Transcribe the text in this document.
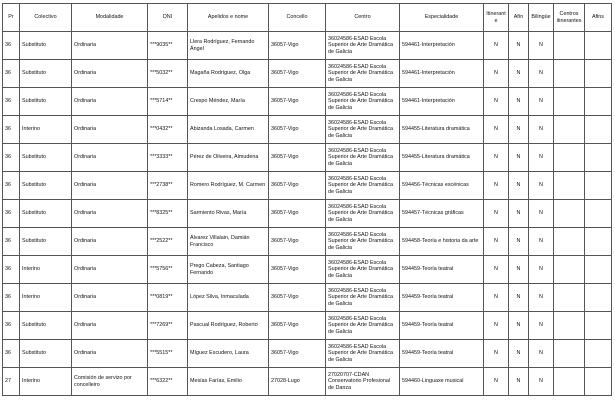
Pr	Colectivo	Modalidade	DNI	Apelidos e nome	Concello	Centro	Especialidade	Itinerante	Afín	Bilingüe	Centros itinerantes	Afins
36	Substituto	Ordinaria	***9035**	Llera Rodríguez, Fernando Ángel	36057-Vigo	36024586-ESAD Escola Superior de Arte Dramática de Galicia	594461-Interpretación	N	N	N		
36	Substituto	Ordinaria	***5032**	Magaña Rodríguez, Olga	36057-Vigo	36024586-ESAD Escola Superior de Arte Dramática de Galicia	594461-Interpretación	N	N	N		
36	Substituto	Ordinaria	***5714**	Crespo Méndez, María	36057-Vigo	36024586-ESAD Escola Superior de Arte Dramática de Galicia	594461-Interpretación	N	N	N		
36	Interino	Ordinaria	***0432**	Abizanda Losada, Carmen	36057-Vigo	36024586-ESAD Escola Superior de Arte Dramática de Galicia	594455-Literatura dramática	N	N	N		
36	Substituto	Ordinaria	***3333**	Pérez de Oliveira, Almudena	36057-Vigo	36024586-ESAD Escola Superior de Arte Dramática de Galicia	594455-Literatura dramática	N	N	N		
36	Substituto	Ordinaria	***2738**	Romero Rodríguez, M. Carmen	36057-Vigo	36024586-ESAD Escola Superior de Arte Dramática de Galicia	594456-Técnicas escénicas	N	N	N		
36	Substituto	Ordinaria	***8325**	Sarmiento Rivas, María	36057-Vigo	36024586-ESAD Escola Superior de Arte Dramática de Galicia	594457-Técnicas gráficas	N	N	N		
36	Substituto	Ordinaria	***2522**	Álvarez Villalain, Damián Francisco	36057-Vigo	36024586-ESAD Escola Superior de Arte Dramática de Galicia	594458-Teoría e historia da arte	N	N	N		
36	Interino	Ordinaria	***5756**	Prego Cabeza, Santiago Fernando	36057-Vigo	36024586-ESAD Escola Superior de Arte Dramática de Galicia	594459-Teoría teatral	N	N	N		
36	Interino	Ordinaria	***0819**	López Silva, Inmaculada	36057-Vigo	36024586-ESAD Escola Superior de Arte Dramática de Galicia	594459-Teoría teatral	N	N	N		
36	Substituto	Ordinaria	***7269**	Pascual Rodríguez, Roberto	36057-Vigo	36024586-ESAD Escola Superior de Arte Dramática de Galicia	594459-Teoría teatral	N	N	N		
36	Substituto	Ordinaria	***5515**	Míguez Escudero, Laura	36057-Vigo	36024586-ESAD Escola Superior de Arte Dramática de Galicia	594459-Teoría teatral	N	N	N		
27	Interino	Comisión de servizo por concelleiro	***6322**	Mesías Farías, Emilio	27028-Lugo	27020707-CDAN Conservatorio Profesional de Danza	594460-Linguaxe musical	N	N	N		
